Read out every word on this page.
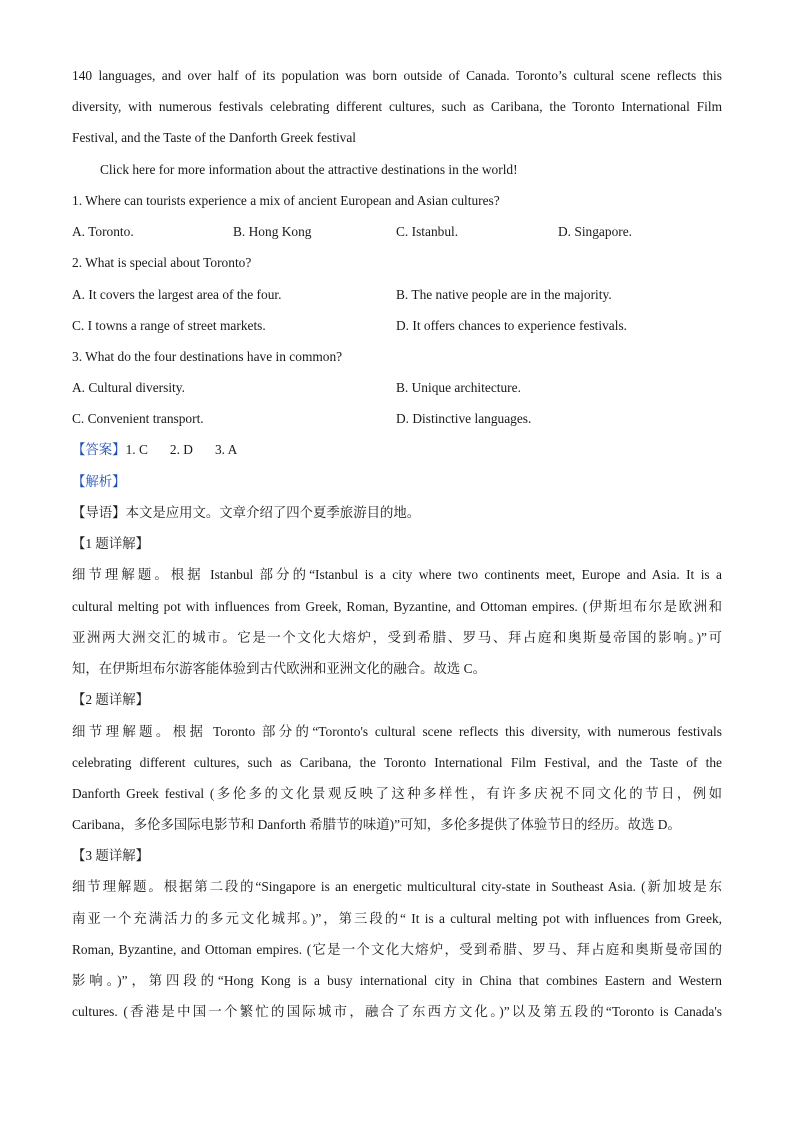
140 languages, and over half of its population was born outside of Canada. Toronto’s cultural scene reflects this
diversity, with numerous festivals celebrating different cultures, such as Caribana, the Toronto International Film
Festival, and the Taste of the Danforth Greek festival
Click here for more information about the attractive destinations in the world!
1. Where can tourists experience a mix of ancient European and Asian cultures?
A. Toronto.	B. Hong Kong	C. Istanbul.	D. Singapore.
2. What is special about Toronto?
A. It covers the largest area of the four.	B. The native people are in the majority.
C. I towns a range of street markets.	D. It offers chances to experience festivals.
3. What do the four destinations have in common?
A. Cultural diversity.	B. Unique architecture.
C. Convenient transport.	D. Distinctive languages.
【答案】1. C 2. D 3. A
【解析】
【导语】本文是应用文。文章介绍了四个夏季旅游目的地。
【1 题详解】
细节理解题。根据 Istanbul 部分的“Istanbul is a city where two continents meet, Europe and Asia. It is a
cultural melting pot with influences from Greek, Roman, Byzantine, and Ottoman empires. (伊斯坦布尔是欧洲和
亚洲两大洲交汇的城市。它是一个文化大熔炉，受到希腊、罗马、拜占庭和奥斯曼帝国的影响。)”可
知，在伊斯坦布尔游客能体验到古代欧洲和亚洲文化的融合。故选 C。
【2 题详解】
细节理解题。根据 Toronto 部分的“Toronto's cultural scene reflects this diversity, with numerous festivals
celebrating different cultures, such as Caribana, the Toronto International Film Festival, and the Taste of the
Danforth Greek festival (多伦多的文化景观反映了这种多样性，有许多庆祝不同文化的节日，例如
Caribana，多伦多国际电影节和 Danforth 希腊节的味道)”可知，多伦多提供了体验节日的经历。故选 D。
【3 题详解】
细节理解题。根据第二段的“Singapore is an energetic multicultural city-state in Southeast Asia. (新加坡是东
南亚一个充满活力的多元文化城邦。)”，第三段的“ It is a cultural melting pot with influences from Greek,
Roman, Byzantine, and Ottoman empires. (它是一个文化大熔炉，受到希腊、罗马、拜占庭和奥斯曼帝国的
影响。)”，第四段的“Hong Kong is a busy international city in China that combines Eastern and Western
cultures. (香港是中国一个繁忙的国际城市，融合了东西方文化。)”以及第五段的“Toronto is Canada's
